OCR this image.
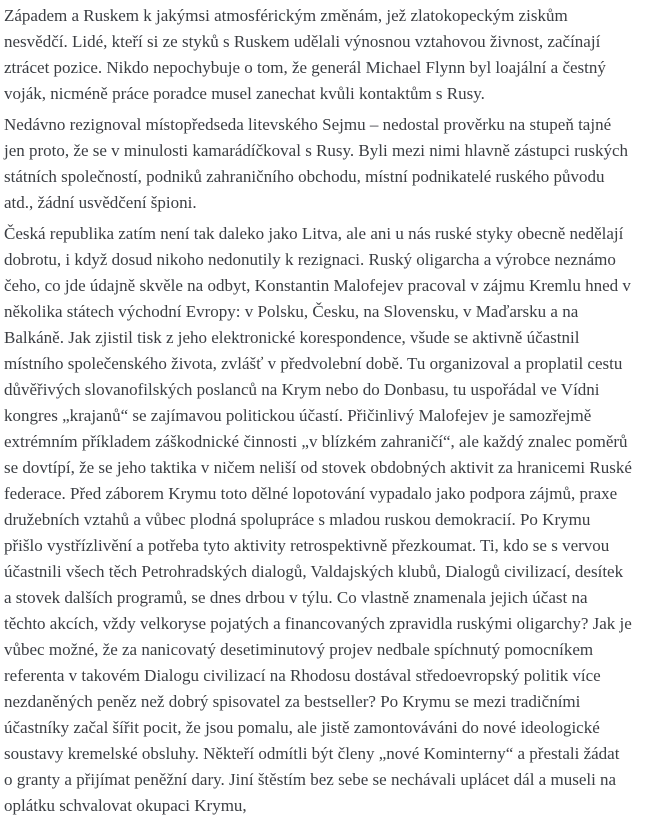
Západem a Ruskem k jakýmsi atmosférickým změnám, jež zlatokopeckým ziskům nesvědčí. Lidé, kteří si ze styků s Ruskem udělali výnosnou vztahovou živnost, začínají ztrácet pozice. Nikdo nepochybuje o tom, že generál Michael Flynn byl loajální a čestný voják, nicméně práce poradce musel zanechat kvůli kontaktům s Rusy.

Nedávno rezignoval místopředseda litevského Sejmu – nedostal prověrku na stupeň tajné jen proto, že se v minulosti kamarádíčkoval s Rusy. Byli mezi nimi hlavně zástupci ruských státních společností, podniků zahraničního obchodu, místní podnikatelé ruského původu atd., žádní usvědčení špioni.

Česká republika zatím není tak daleko jako Litva, ale ani u nás ruské styky obecně nedělají dobrotu, i když dosud nikoho nedonutily k rezignaci. Ruský oligarcha a výrobce neznámo čeho, co jde údajně skvěle na odbyt, Konstantin Malofejev pracoval v zájmu Kremlu hned v několika státech východní Evropy: v Polsku, Česku, na Slovensku, v Maďarsku a na Balkáně. Jak zjistil tisk z jeho elektronické korespondence, všude se aktivně účastnil místního společenského života, zvlášť v předvolební době. Tu organizoval a proplatil cestu důvěřivých slovanofilských poslanců na Krym nebo do Donbasu, tu uspořádal ve Vídni kongres „krajanů“ se zajímavou politickou účastí. Přičinlivý Malofejev je samozřejmě extrémním příkladem záškodnické činnosti „v blízkém zahraničí“, ale každý znalec poměrů se dovtípí, že se jeho taktika v ničem neliší od stovek obdobných aktivit za hranicemi Ruské federace. Před záborem Krymu toto dělné lopotování vypadalo jako podpora zájmů, praxe družebních vztahů a vůbec plodná spolupráce s mladou ruskou demokracií. Po Krymu přišlo vystřízlivění a potřeba tyto aktivity retrospektivně přezkoumat. Ti, kdo se s vervou účastnili všech těch Petrohradských dialogů, Valdajských klubů, Dialogů civilizací, desítek a stovek dalších programů, se dnes drbou v týlu. Co vlastně znamenala jejich účast na těchto akcích, vždy velkoryse pojatých a financovaných zpravidla ruskými oligarchy? Jak je vůbec možné, že za nanicovatý desetiminutový projev nedbale spíchnutý pomocníkem referenta v takovém Dialogu civilizací na Rhodosu dostával středoevropský politik více nezdaněných peněz než dobrý spisovatel za bestseller? Po Krymu se mezi tradičními účastníky začal šířit pocit, že jsou pomalu, ale jistě zamontováváni do nové ideologické soustavy kremelské obsluhy. Někteří odmítli být členy „nové Kominterny“ a přestali žádat o granty a přijímat peněžní dary. Jiní štěstím bez sebe se nechávali uplácet dál a museli na oplátku schvalovat okupaci Krymu,
